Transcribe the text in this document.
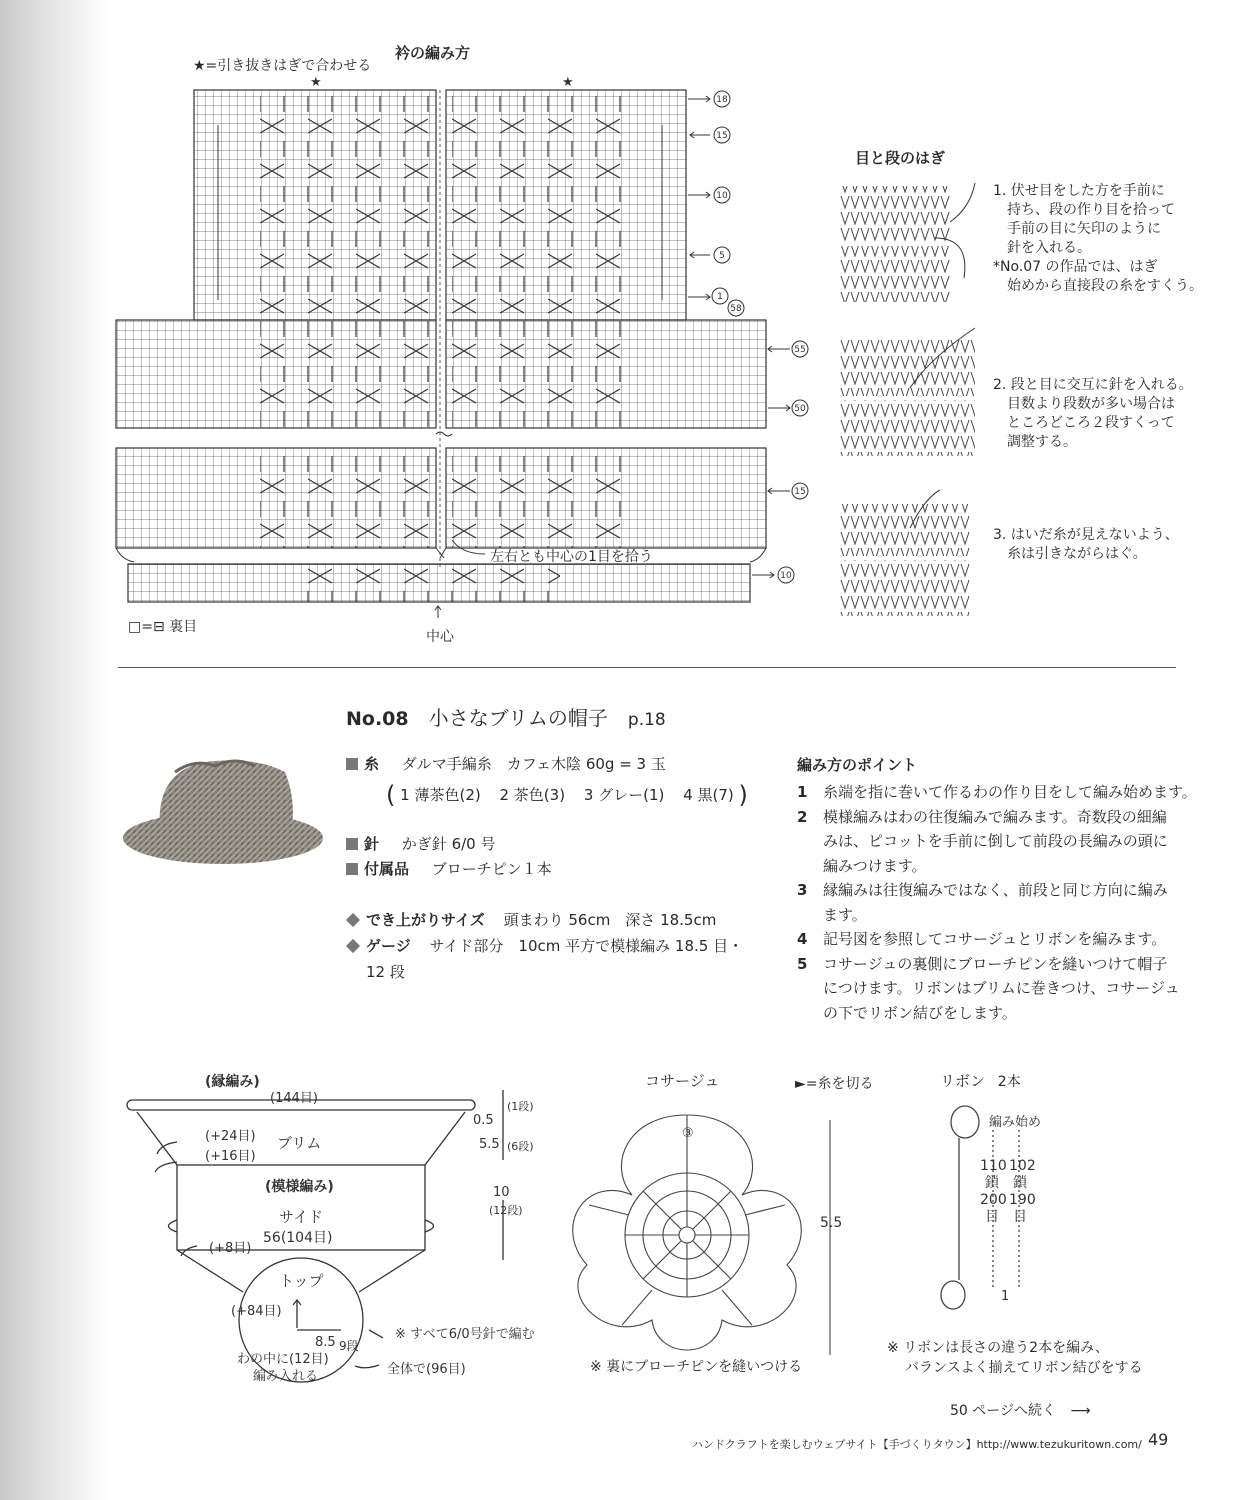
★=引き抜きはぎで合わせる
衿の編み方
★	★
18
15
10
5
1
58
55
50
15
10
左右とも中心の1目を拾う
□=⊟ 裏目
中心
目と段のはぎ
1. 伏せ目をした方を手前に
持ち、段の作り目を拾って
手前の目に矢印のように
針を入れる。
*No.07 の作品では、はぎ
始めから直接段の糸をすくう。
2. 段と目に交互に針を入れる。
目数より段数が多い場合は
ところどころ２段すくって
調整する。
3. はいだ糸が見えないよう、
糸は引きながらはぐ。
No.08 小さなブリムの帽子 p.18
糸 ダルマ手編糸　カフェ木陰 60g = 3 玉
( 1 薄茶色(2) 2 茶色(3) 3 グレー(1) 4 黒(7) )
針 かぎ針 6/0 号
付属品 ブローチピン１本
でき上がりサイズ 頭まわり 56cm　深さ 18.5cm
ゲージ サイド部分　10cm 平方で模様編み 18.5 目・
12 段
編み方のポイント
1	糸端を指に巻いて作るわの作り目をして編み始めます。
2	模様編みはわの往復編みで編みます。奇数段の細編
みは、ピコットを手前に倒して前段の長編みの頭に
編みつけます。
3	縁編みは往復編みではなく、前段と同じ方向に編み
ます。
4	記号図を参照してコサージュとリボンを編みます。
5	コサージュの裏側にブローチピンを縫いつけて帽子
につけます。リボンはブリムに巻きつけ、コサージュ
の下でリボン結びをします。
(縁編み)
(144目)
(+24目) ブリム
(+16目)
(模様編み)
サイド
56(104目)
(+8目)
トップ
(+84目)
8.5 9段
わの中に(12目)
編み入れる	全体で(96目)
0.5
(1段)
5.5 (6段)
10
(12段)
※ すべて6/0号針で編む
コサージュ	►=糸を切る
③
5.5
※ 裏にブローチピンを縫いつける
リボン 2本
編み始め
110
鎖
200
目
102
鎖
190
目
1
※ リボンは長さの違う2本を編み、
バランスよく揃えてリボン結びをする
50 ページへ続く ⟶
ハンドクラフトを楽しむウェブサイト【手づくりタウン】http://www.tezukuritown.com/ 49
